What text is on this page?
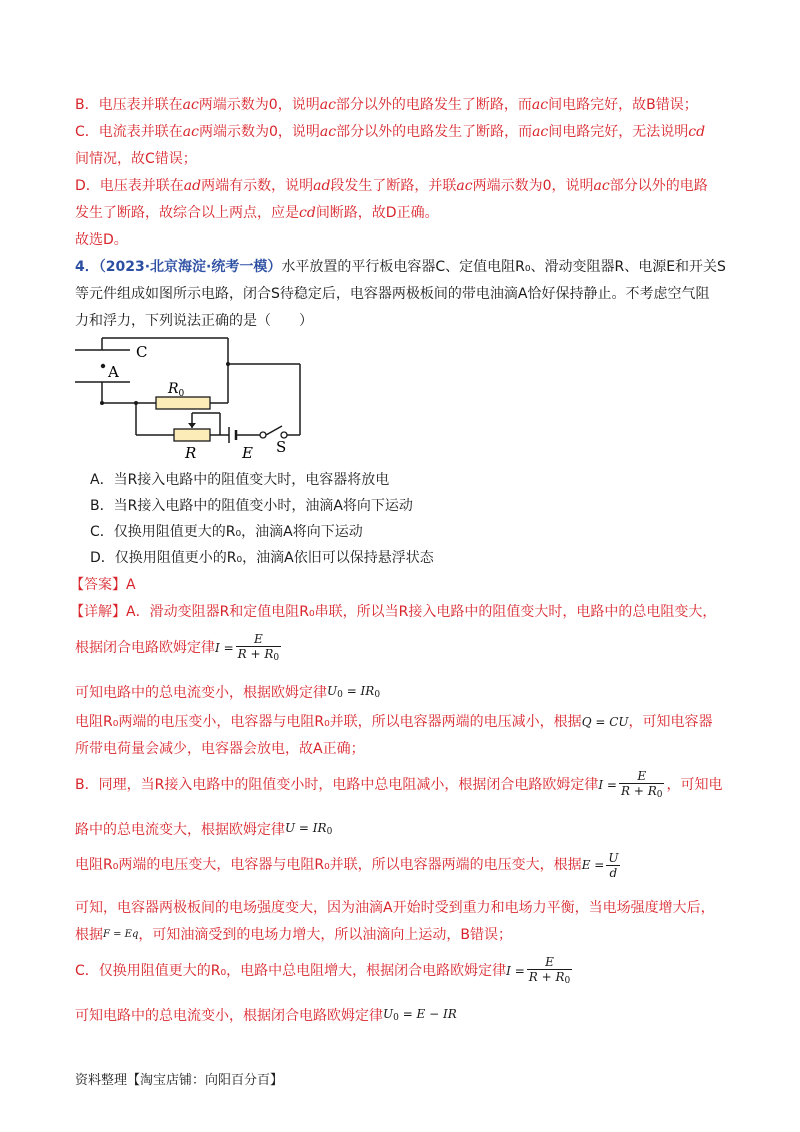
B．电压表并联在ac两端示数为0，说明ac部分以外的电路发生了断路，而ac间电路完好，故B错误；
C．电流表并联在ac两端示数为0，说明ac部分以外的电路发生了断路，而ac间电路完好，无法说明cd
间情况，故C错误；
D．电压表并联在ad两端有示数，说明ad段发生了断路，并联ac两端示数为0，说明ac部分以外的电路
发生了断路，故综合以上两点，应是cd间断路，故D正确。
故选D。
4．（2023·北京海淀·统考一模）水平放置的平行板电容器C、定值电阻R₀、滑动变阻器R、电源E和开关S
等元件组成如图所示电路，闭合S待稳定后，电容器两极板间的带电油滴A恰好保持静止。不考虑空气阻
力和浮力，下列说法正确的是（　　）
C
A
$R_0$
R	E S
A．当R接入电路中的阻值变大时，电容器将放电
B．当R接入电路中的阻值变小时，油滴A将向下运动
C．仅换用阻值更大的R₀，油滴A将向下运动
D．仅换用阻值更小的R₀，油滴A依旧可以保持悬浮状态
【答案】A
【详解】A．滑动变阻器R和定值电阻R₀串联，所以当R接入电路中的阻值变大时，电路中的总电阻变大，
根据闭合电路欧姆定律$I = \frac{E}{R + R_0}$
可知电路中的总电流变小，根据欧姆定律$U_0 = IR_0$
电阻R₀两端的电压变小，电容器与电阻R₀并联，所以电容器两端的电压减小，根据Q = CU，可知电容器
所带电荷量会减少，电容器会放电，故A正确；
B．同理，当R接入电路中的阻值变小时，电路中总电阻减小，根据闭合电路欧姆定律$I = \frac{E}{R + R_0}$ ，可知电
路中的总电流变大，根据欧姆定律$U = IR_0$
电阻R₀两端的电压变大，电容器与电阻R₀并联，所以电容器两端的电压变大，根据$E = \frac{U}{d}$
可知，电容器两极板间的电场强度变大，因为油滴A开始时受到重力和电场力平衡，当电场强度增大后，
根据F = Eq，可知油滴受到的电场力增大，所以油滴向上运动，B错误；
C．仅换用阻值更大的R₀，电路中总电阻增大，根据闭合电路欧姆定律$I = \frac{E}{R + R_0}$
可知电路中的总电流变小，根据闭合电路欧姆定律$U_0 = E$ − IR
资料整理【淘宝店铺：向阳百分百】
